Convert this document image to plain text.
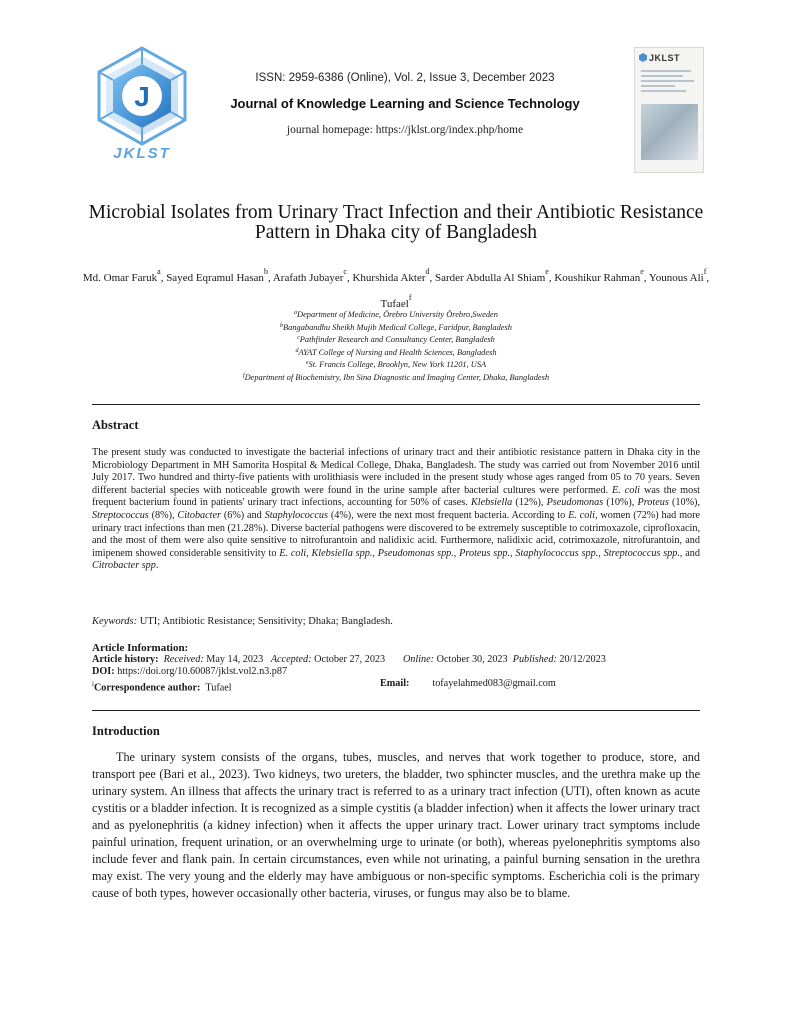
J
JKLST
ISSN: 2959-6386 (Online), Vol. 2, Issue 3, December 2023
Journal of Knowledge Learning and Science Technology
journal homepage: https://jklst.org/index.php/home
JKLST
Microbial Isolates from Urinary Tract Infection and their Antibiotic Resistance Pattern in Dhaka city of Bangladesh
Md. Omar Faruk$^a$, Sayed Eqramul Hasan$^b$, Arafath Jubayer$^c$, Khurshida Akter$^d$, Sarder Abdulla Al Shiam$^e$, Koushikur Rahman$^e$, Younous Ali$^f$, Tufael$^f$
$^a$Department of Medicine, Örebro University Örebro,Sweden
$^b$Bangabandhu Sheikh Mujib Medical College, Faridpur, Bangladesh
$^c$Pathfinder Research and Consultancy Center, Bangladesh
$^d$AYAT College of Nursing and Health Sciences, Bangladesh
$^e$St. Francis College, Brooklyn, New York 11201, USA
$^f$Department of Biochemistry, Ibn Sina Diagnostic and Imaging Center, Dhaka, Bangladesh
Abstract
The present study was conducted to investigate the bacterial infections of urinary tract and their antibiotic resistance pattern in Dhaka city in the Microbiology Department in MH Samorita Hospital & Medical College, Dhaka, Bangladesh. The study was carried out from November 2016 until July 2017. Two hundred and thirty-five patients with urolithiasis were included in the present study whose ages ranged from 05 to 70 years. Seven different bacterial species with noticeable growth were found in the urine sample after bacterial cultures were performed. E. coli was the most frequent bacterium found in patients' urinary tract infections, accounting for 50% of cases. Klebsiella (12%), Pseudomonas (10%), Proteus (10%), Streptococcus (8%), Citobacter (6%) and Staphylococcus (4%), were the next most frequent bacteria. According to E. coli, women (72%) had more urinary tract infections than men (21.28%). Diverse bacterial pathogens were discovered to be extremely susceptible to cotrimoxazole, ciprofloxacin, and the most of them were also quite sensitive to nitrofurantoin and nalidixic acid. Furthermore, nalidixic acid, cotrimoxazole, nitrofurantoin, and imipenem showed considerable sensitivity to E. coli, Klebsiella spp., Pseudomonas spp., Proteus spp., Staphylococcus spp., Streptococcus spp., and Citrobacter spp.
Keywords: UTI; Antibiotic Resistance; Sensitivity; Dhaka; Bangladesh.
Article Information:
Article history: Received: May 14, 2023 Accepted: October 27, 2023 Online: October 30, 2023 Published: 20/12/2023
DOI: https://doi.org/10.60087/jklst.vol2.n3.p87
$^i$Correspondence author: Tufael	Email: tofayelahmed083@gmail.com
Introduction
The urinary system consists of the organs, tubes, muscles, and nerves that work together to produce, store, and transport pee (Bari et al., 2023). Two kidneys, two ureters, the bladder, two sphincter muscles, and the urethra make up the urinary system. An illness that affects the urinary tract is referred to as a urinary tract infection (UTI), often known as acute cystitis or a bladder infection. It is recognized as a simple cystitis (a bladder infection) when it affects the lower urinary tract and as pyelonephritis (a kidney infection) when it affects the upper urinary tract. Lower urinary tract symptoms include painful urination, frequent urination, or an overwhelming urge to urinate (or both), whereas pyelonephritis symptoms also include fever and flank pain. In certain circumstances, even while not urinating, a painful burning sensation in the urethra may exist. The very young and the elderly may have ambiguous or non-specific symptoms. Escherichia coli is the primary cause of both types, however occasionally other bacteria, viruses, or fungus may also be to blame.
